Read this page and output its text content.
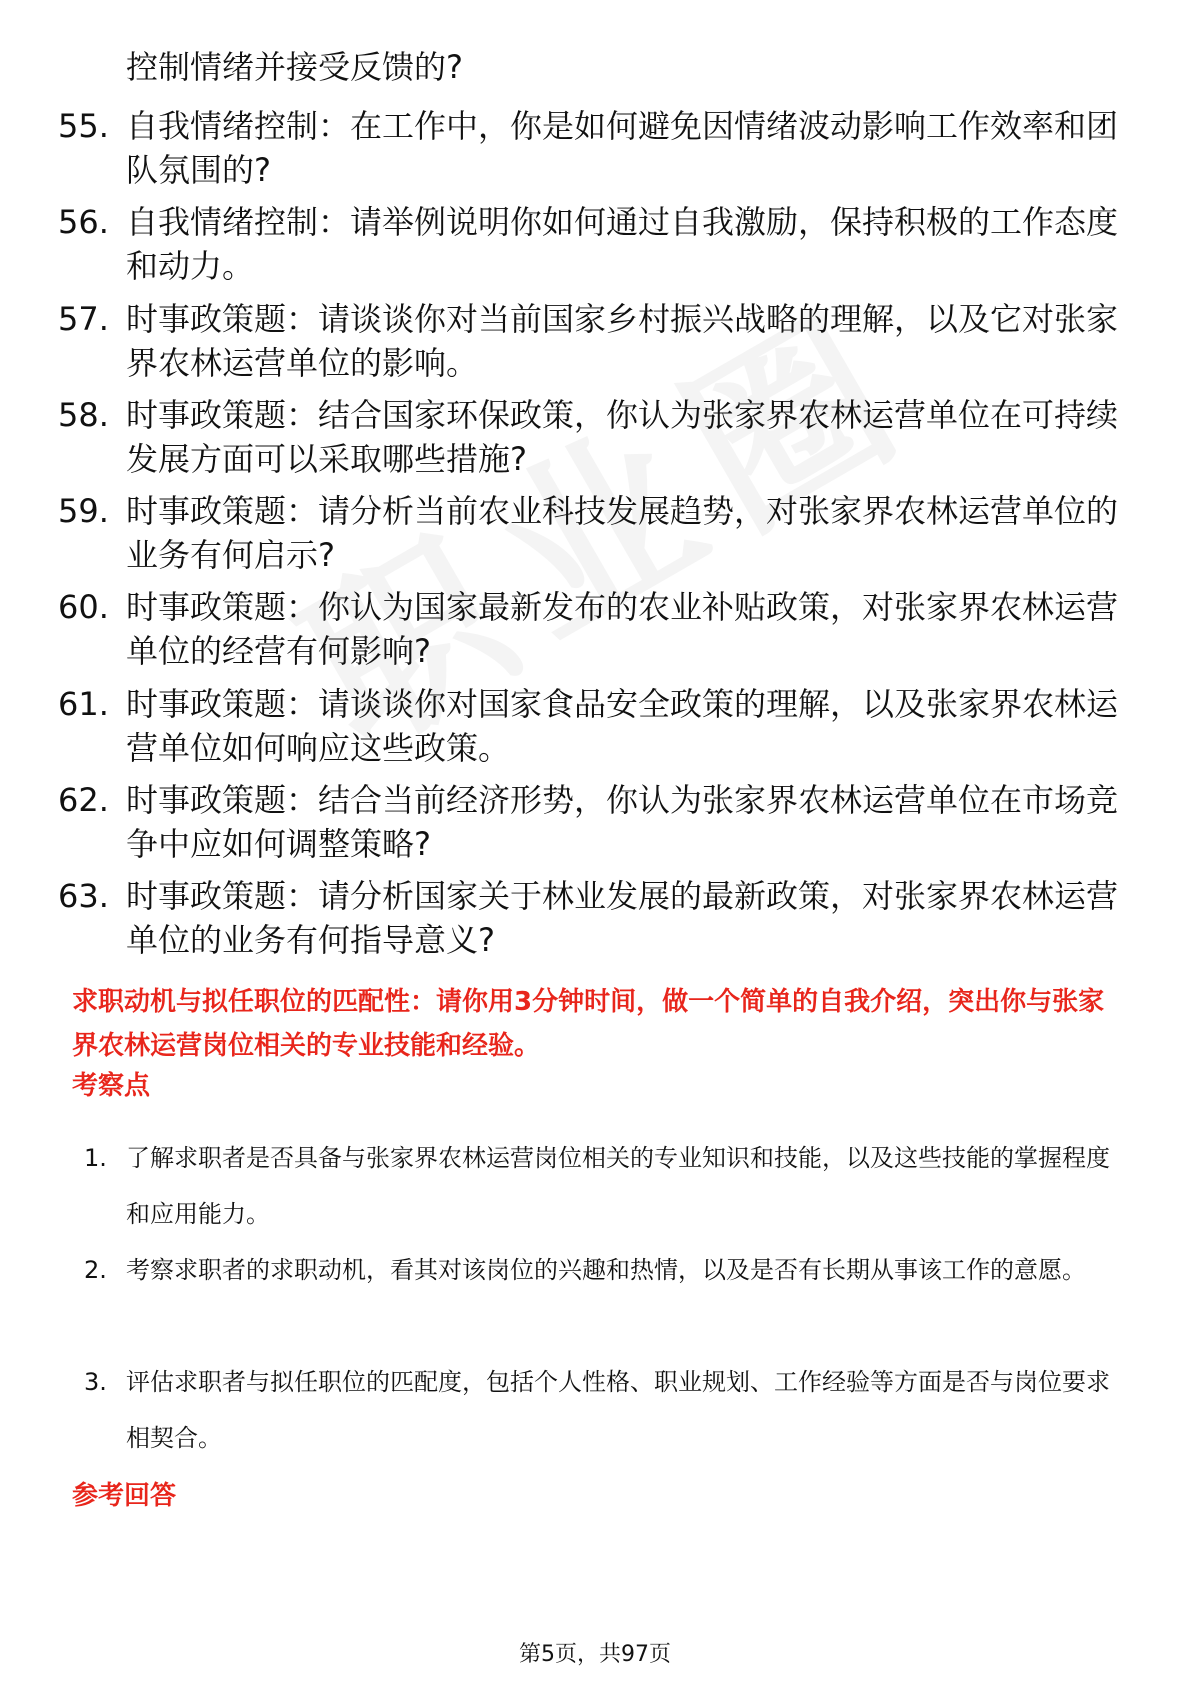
控制情绪并接受反馈的?
55. 自我情绪控制：在工作中，你是如何避免因情绪波动影响工作效率和团队氛围的?
56. 自我情绪控制：请举例说明你如何通过自我激励，保持积极的工作态度和动力。
57. 时事政策题：请谈谈你对当前国家乡村振兴战略的理解，以及它对张家界农林运营单位的影响。
58. 时事政策题：结合国家环保政策，你认为张家界农林运营单位在可持续发展方面可以采取哪些措施?
59. 时事政策题：请分析当前农业科技发展趋势，对张家界农林运营单位的业务有何启示?
60. 时事政策题：你认为国家最新发布的农业补贴政策，对张家界农林运营单位的经营有何影响?
61. 时事政策题：请谈谈你对国家食品安全政策的理解，以及张家界农林运营单位如何响应这些政策。
62. 时事政策题：结合当前经济形势，你认为张家界农林运营单位在市场竞争中应如何调整策略?
63. 时事政策题：请分析国家关于林业发展的最新政策，对张家界农林运营单位的业务有何指导意义?
求职动机与拟任职位的匹配性：请你用3分钟时间，做一个简单的自我介绍，突出你与张家界农林运营岗位相关的专业技能和经验。
考察点
1. 了解求职者是否具备与张家界农林运营岗位相关的专业知识和技能，以及这些技能的掌握程度和应用能力。
2. 考察求职者的求职动机，看其对该岗位的兴趣和热情，以及是否有长期从事该工作的意愿。
3. 评估求职者与拟任职位的匹配度，包括个人性格、职业规划、工作经验等方面是否与岗位要求相契合。
参考回答
第5页，共97页
